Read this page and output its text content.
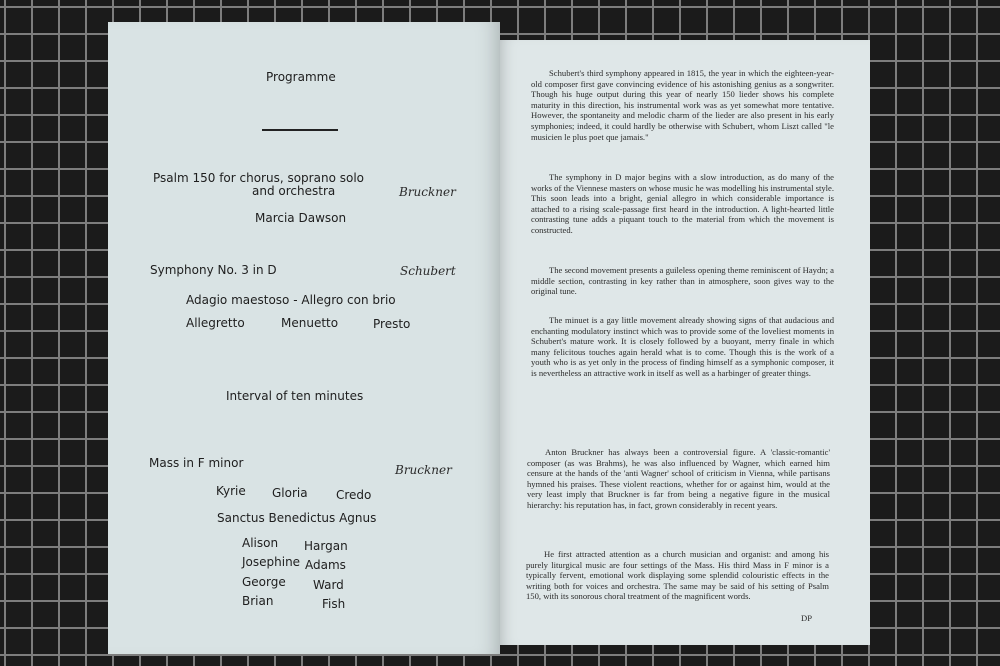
Programme
Psalm 150 for chorus, soprano solo
and orchestra	Bruckner
Marcia Dawson
Symphony No. 3 in D	Schubert
Adagio maestoso - Allegro con brio
Allegretto	Menuetto	Presto
Interval of ten minutes
Mass in F minor	Bruckner
Kyrie Gloria Credo
Sanctus Benedictus Agnus
Alison Hargan
Josephine Adams
George Ward
Brian	Fish
Schubert's third symphony appeared in 1815, the year in which the eighteen-year-old composer first gave convincing evidence of his astonishing genius as a songwriter. Though his huge output during this year of nearly 150 lieder shows his complete maturity in this direction, his instrumental work was as yet somewhat more tentative. However, the spontaneity and melodic charm of the lieder are also present in his early symphonies; indeed, it could hardly be otherwise with Schubert, whom Liszt called "le musicien le plus poet que jamais."
The symphony in D major begins with a slow introduction, as do many of the works of the Viennese masters on whose music he was modelling his instrumental style. This soon leads into a bright, genial allegro in which considerable importance is attached to a rising scale-passage first heard in the introduction. A light-hearted little contrasting tune adds a piquant touch to the material from which the movement is constructed.
The second movement presents a guileless opening theme reminiscent of Haydn; a middle section, contrasting in key rather than in atmosphere, soon gives way to the original tune.
The minuet is a gay little movement already showing signs of that audacious and enchanting modulatory instinct which was to provide some of the loveliest moments in Schubert's mature work. It is closely followed by a buoyant, merry finale in which many felicitous touches again herald what is to come. Though this is the work of a youth who is as yet only in the process of finding himself as a symphonic composer, it is nevertheless an attractive work in itself as well as a harbinger of greater things.
Anton Bruckner has always been a controversial figure. A 'classic-romantic' composer (as was Brahms), he was also influenced by Wagner, which earned him censure at the hands of the 'anti Wagner' school of criticism in Vienna, while partisans hymned his praises. These violent reactions, whether for or against him, would at the very least imply that Bruckner is far from being a negative figure in the musical hierarchy: his reputation has, in fact, grown considerably in recent years.
He first attracted attention as a church musician and organist: and among his purely liturgical music are four settings of the Mass. His third Mass in F minor is a typically fervent, emotional work displaying some splendid colouristic effects in the writing both for voices and orchestra. The same may be said of his setting of Psalm 150, with its sonorous choral treatment of the magnificent words.
DP
